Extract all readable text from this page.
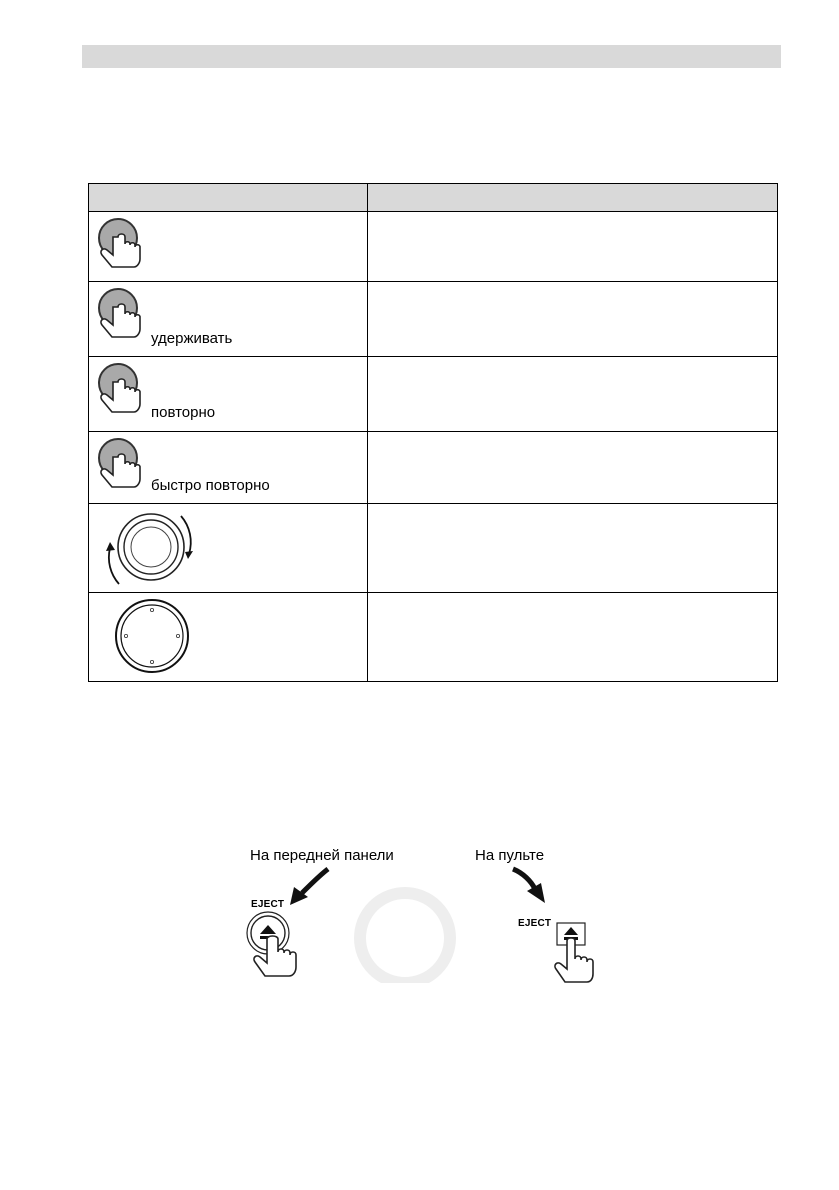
удерживать	

повторно	

быстро повторно	

На передней панели	На пульте
EJECT
EJECT
